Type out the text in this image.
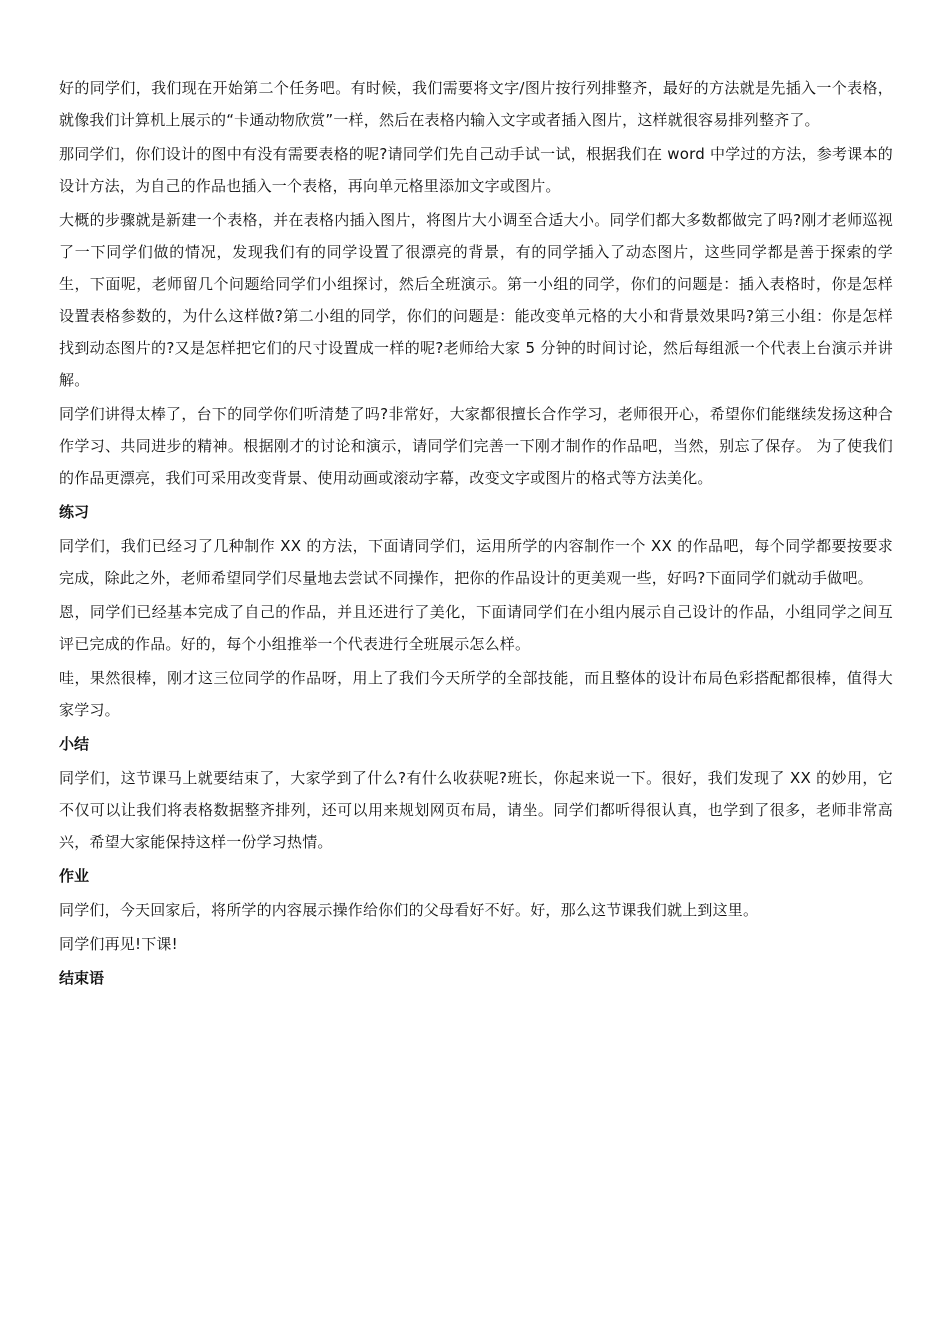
好的同学们，我们现在开始第二个任务吧。有时候，我们需要将文字/图片按行列排整齐，最好的方法就是先插入一个表格，就像我们计算机上展示的“卡通动物欣赏”一样，然后在表格内输入文字或者插入图片，这样就很容易排列整齐了。

那同学们，你们设计的图中有没有需要表格的呢?请同学们先自己动手试一试，根据我们在 word 中学过的方法，参考课本的设计方法，为自己的作品也插入一个表格，再向单元格里添加文字或图片。

大概的步骤就是新建一个表格，并在表格内插入图片，将图片大小调至合适大小。同学们都大多数都做完了吗?刚才老师巡视了一下同学们做的情况，发现我们有的同学设置了很漂亮的背景，有的同学插入了动态图片，这些同学都是善于探索的学生，下面呢，老师留几个问题给同学们小组探讨，然后全班演示。第一小组的同学，你们的问题是：插入表格时，你是怎样设置表格参数的，为什么这样做?第二小组的同学，你们的问题是：能改变单元格的大小和背景效果吗?第三小组：你是怎样找到动态图片的?又是怎样把它们的尺寸设置成一样的呢?老师给大家 5 分钟的时间讨论，然后每组派一个代表上台演示并讲解。

同学们讲得太棒了，台下的同学你们听清楚了吗?非常好，大家都很擅长合作学习，老师很开心，希望你们能继续发扬这种合作学习、共同进步的精神。根据刚才的讨论和演示，请同学们完善一下刚才制作的作品吧，当然，别忘了保存。 为了使我们的作品更漂亮，我们可采用改变背景、使用动画或滚动字幕，改变文字或图片的格式等方法美化。

练习

同学们，我们已经习了几种制作 XX 的方法，下面请同学们，运用所学的内容制作一个 XX 的作品吧，每个同学都要按要求完成，除此之外，老师希望同学们尽量地去尝试不同操作，把你的作品设计的更美观一些，好吗?下面同学们就动手做吧。

恩，同学们已经基本完成了自己的作品，并且还进行了美化，下面请同学们在小组内展示自己设计的作品，小组同学之间互评已完成的作品。好的，每个小组推举一个代表进行全班展示怎么样。

哇，果然很棒，刚才这三位同学的作品呀，用上了我们今天所学的全部技能，而且整体的设计布局色彩搭配都很棒，值得大家学习。

小结

同学们，这节课马上就要结束了，大家学到了什么?有什么收获呢?班长，你起来说一下。很好，我们发现了 XX 的妙用，它不仅可以让我们将表格数据整齐排列，还可以用来规划网页布局，请坐。同学们都听得很认真，也学到了很多，老师非常高兴，希望大家能保持这样一份学习热情。

作业

同学们，今天回家后，将所学的内容展示操作给你们的父母看好不好。好，那么这节课我们就上到这里。

同学们再见!下课!

结束语
